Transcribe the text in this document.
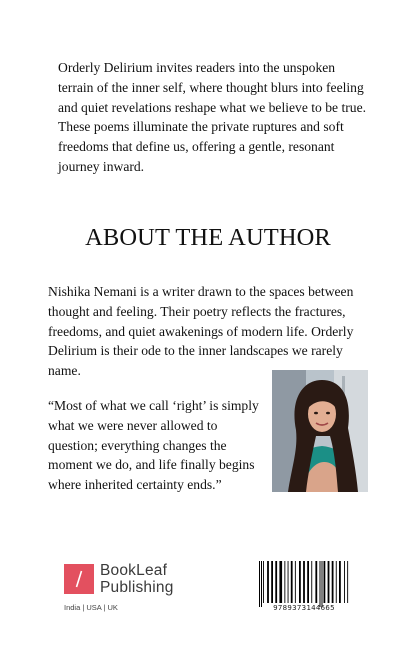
Orderly Delirium invites readers into the unspoken terrain of the inner self, where thought blurs into feeling and quiet revelations reshape what we believe to be true. These poems illuminate the private ruptures and soft freedoms that define us, offering a gentle, resonant journey inward.

ABOUT THE AUTHOR

Nishika Nemani is a writer drawn to the spaces between thought and feeling. Their poetry reflects the fractures, freedoms, and quiet awakenings of modern life. Orderly Delirium is their ode to the inner landscapes we rarely name.

“Most of what we call ‘right’ is simply what we were never allowed to question; everything changes the moment we do, and life finally begins where inherited certainty ends.”

BookLeaf
Publishing
India | USA | UK	9789373144665
